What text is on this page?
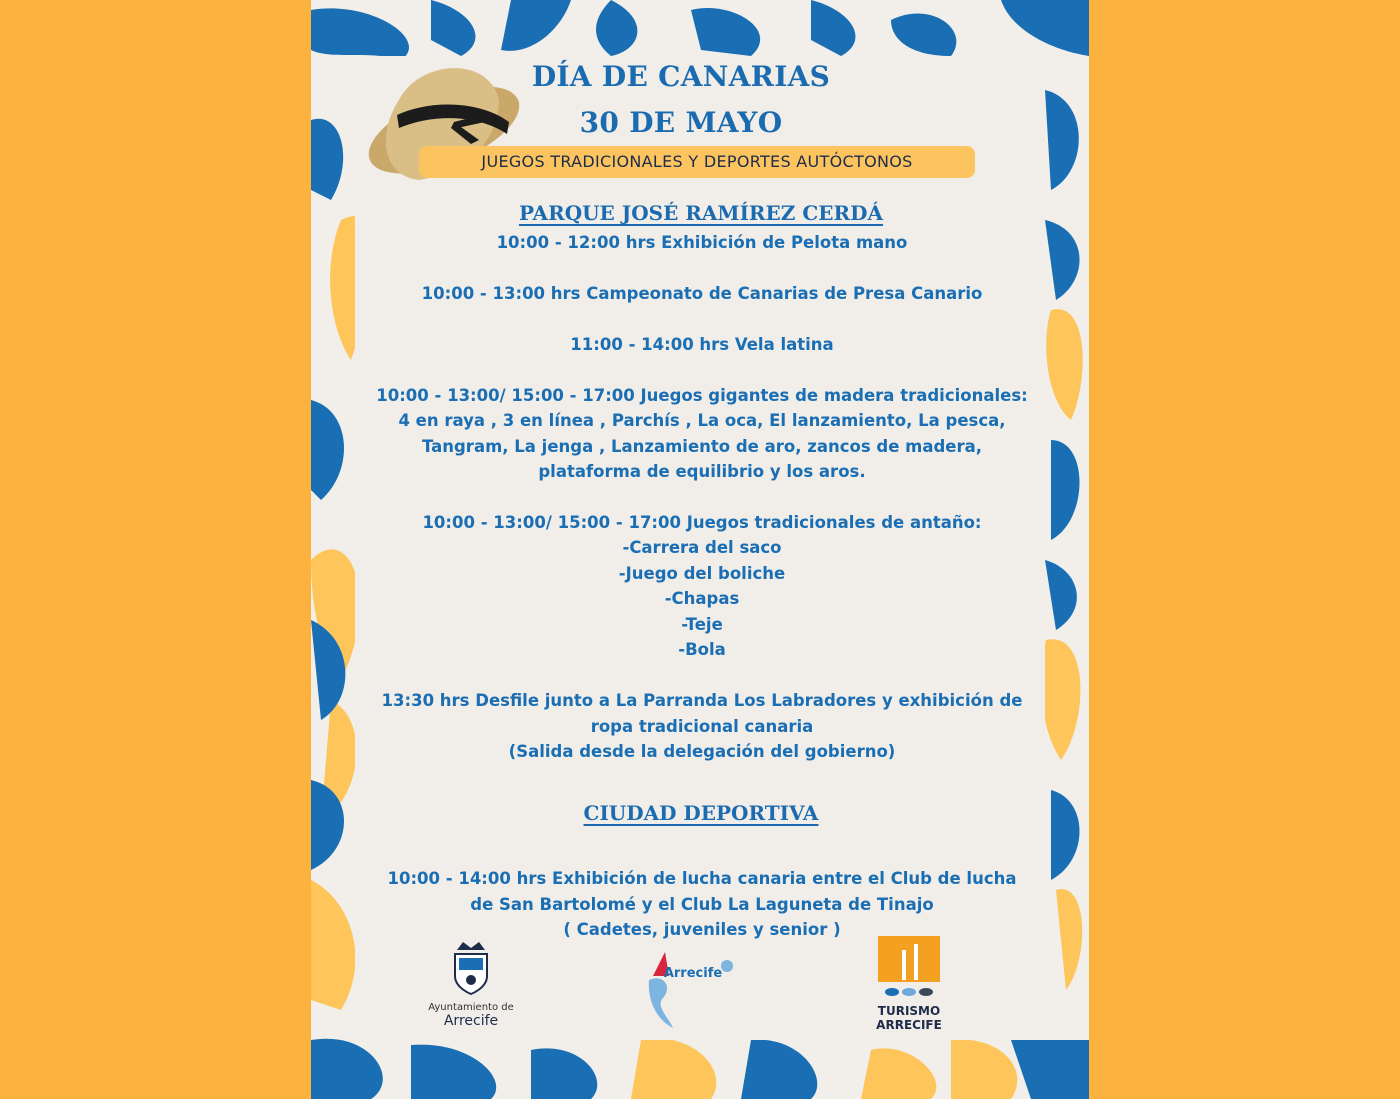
DÍA DE CANARIAS
30 DE MAYO
JUEGOS TRADICIONALES Y DEPORTES AUTÓCTONOS
PARQUE JOSÉ RAMÍREZ CERDÁ
10:00 - 12:00 hrs Exhibición de Pelota mano
10:00 - 13:00 hrs Campeonato de Canarias de Presa Canario
11:00 - 14:00 hrs Vela latina
10:00 - 13:00/ 15:00 - 17:00 Juegos gigantes de madera tradicionales:
4 en raya , 3 en línea , Parchís , La oca, El lanzamiento, La pesca,
Tangram, La jenga , Lanzamiento de aro, zancos de madera,
plataforma de equilibrio y los aros.
10:00 - 13:00/ 15:00 - 17:00 Juegos tradicionales de antaño:
-Carrera del saco
-Juego del boliche
-Chapas
-Teje
-Bola
13:30 hrs Desfile junto a La Parranda Los Labradores y exhibición de
ropa tradicional canaria
(Salida desde la delegación del gobierno)
CIUDAD DEPORTIVA
10:00 - 14:00 hrs Exhibición de lucha canaria entre el Club de lucha
de San Bartolomé y el Club La Laguneta de Tinajo
( Cadetes, juveniles y senior )
Ayuntamiento de
Arrecife
Arrecife
TURISMO
ARRECIFE
